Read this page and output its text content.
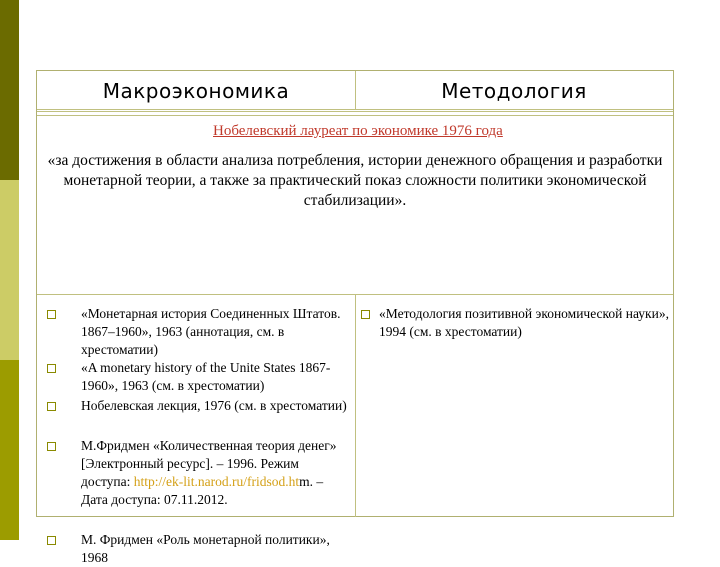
Макроэкономика	Методология
Нобелевский лауреат по экономике 1976 года
«за достижения в области анализа потребления, истории денежного обращения и разработки монетарной теории, а также за практический показ сложности политики экономической стабилизации».
«Монетарная история Соединенных Штатов. 1867–1960», 1963 (аннотация, см. в хрестоматии)
«A monetary history of the Unite States 1867-1960», 1963 (см. в хрестоматии)
Нобелевская лекция, 1976 (см. в хрестоматии)
М.Фридмен «Количественная теория денег» [Электронный ресурс]. – 1996. Режим доступа: http://ek-lit.narod.ru/fridsod.htm. – Дата доступа: 07.11.2012.
М. Фридмен «Роль монетарной политики», 1968
«Методология позитивной экономической науки», 1994 (см. в хрестоматии)
